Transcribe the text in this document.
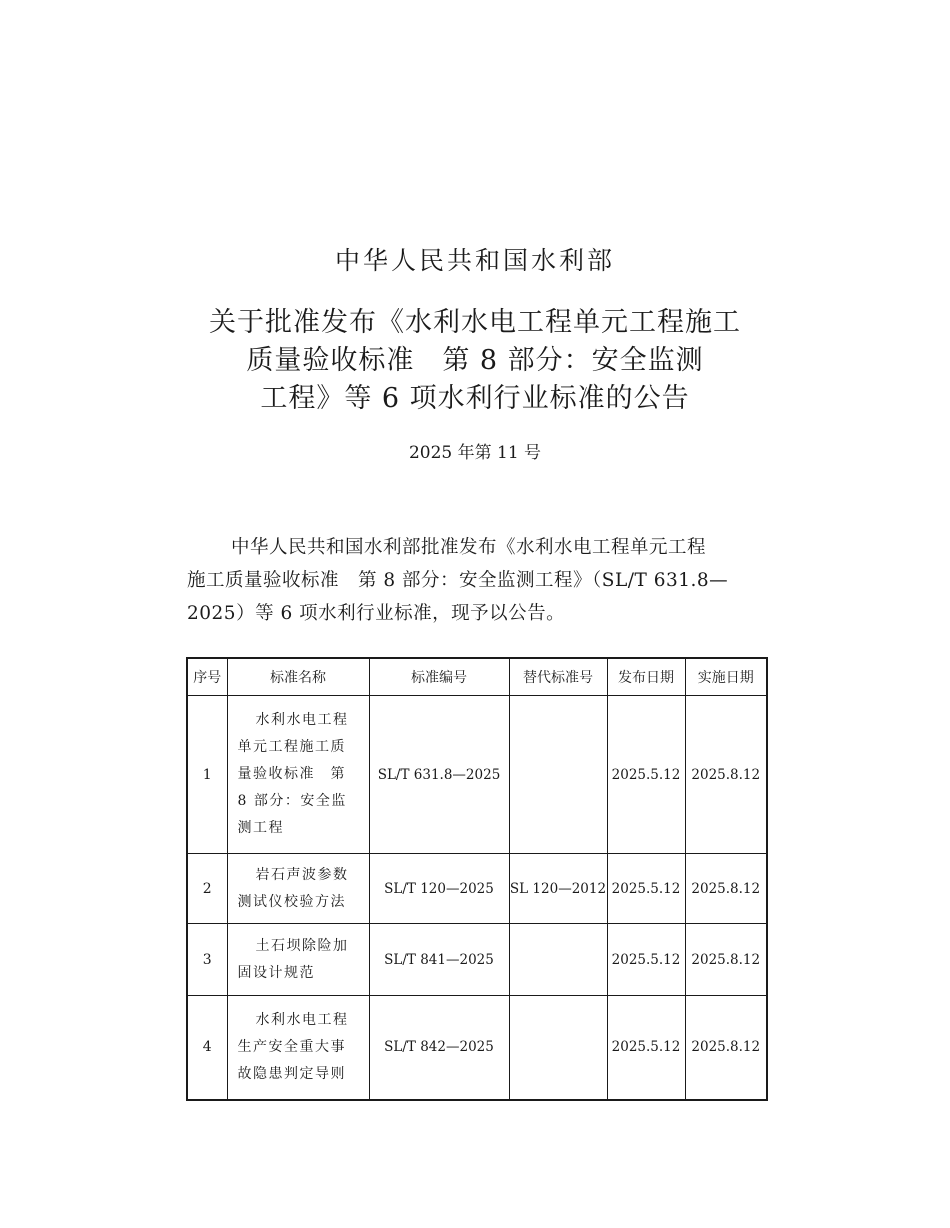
中华人民共和国水利部
关于批准发布《水利水电工程单元工程施工
质量验收标准　第 8 部分：安全监测
工程》等 6 项水利行业标准的公告
2025 年第 11 号
中华人民共和国水利部批准发布《水利水电工程单元工程
施工质量验收标准　第 8 部分：安全监测工程》（SL/T 631.8—
2025）等 6 项水利行业标准，现予以公告。
序号	标准名称	标准编号	替代标准号	发布日期	实施日期
1	水利水电工程单元工程施工质量验收标准　第 8 部分：安全监测工程	SL/T 631.8—2025		2025.5.12	2025.8.12
2	岩石声波参数测试仪校验方法	SL/T 120—2025	SL 120—2012	2025.5.12	2025.8.12
3	土石坝除险加固设计规范	SL/T 841—2025		2025.5.12	2025.8.12
4	水利水电工程生产安全重大事故隐患判定导则	SL/T 842—2025		2025.5.12	2025.8.12
